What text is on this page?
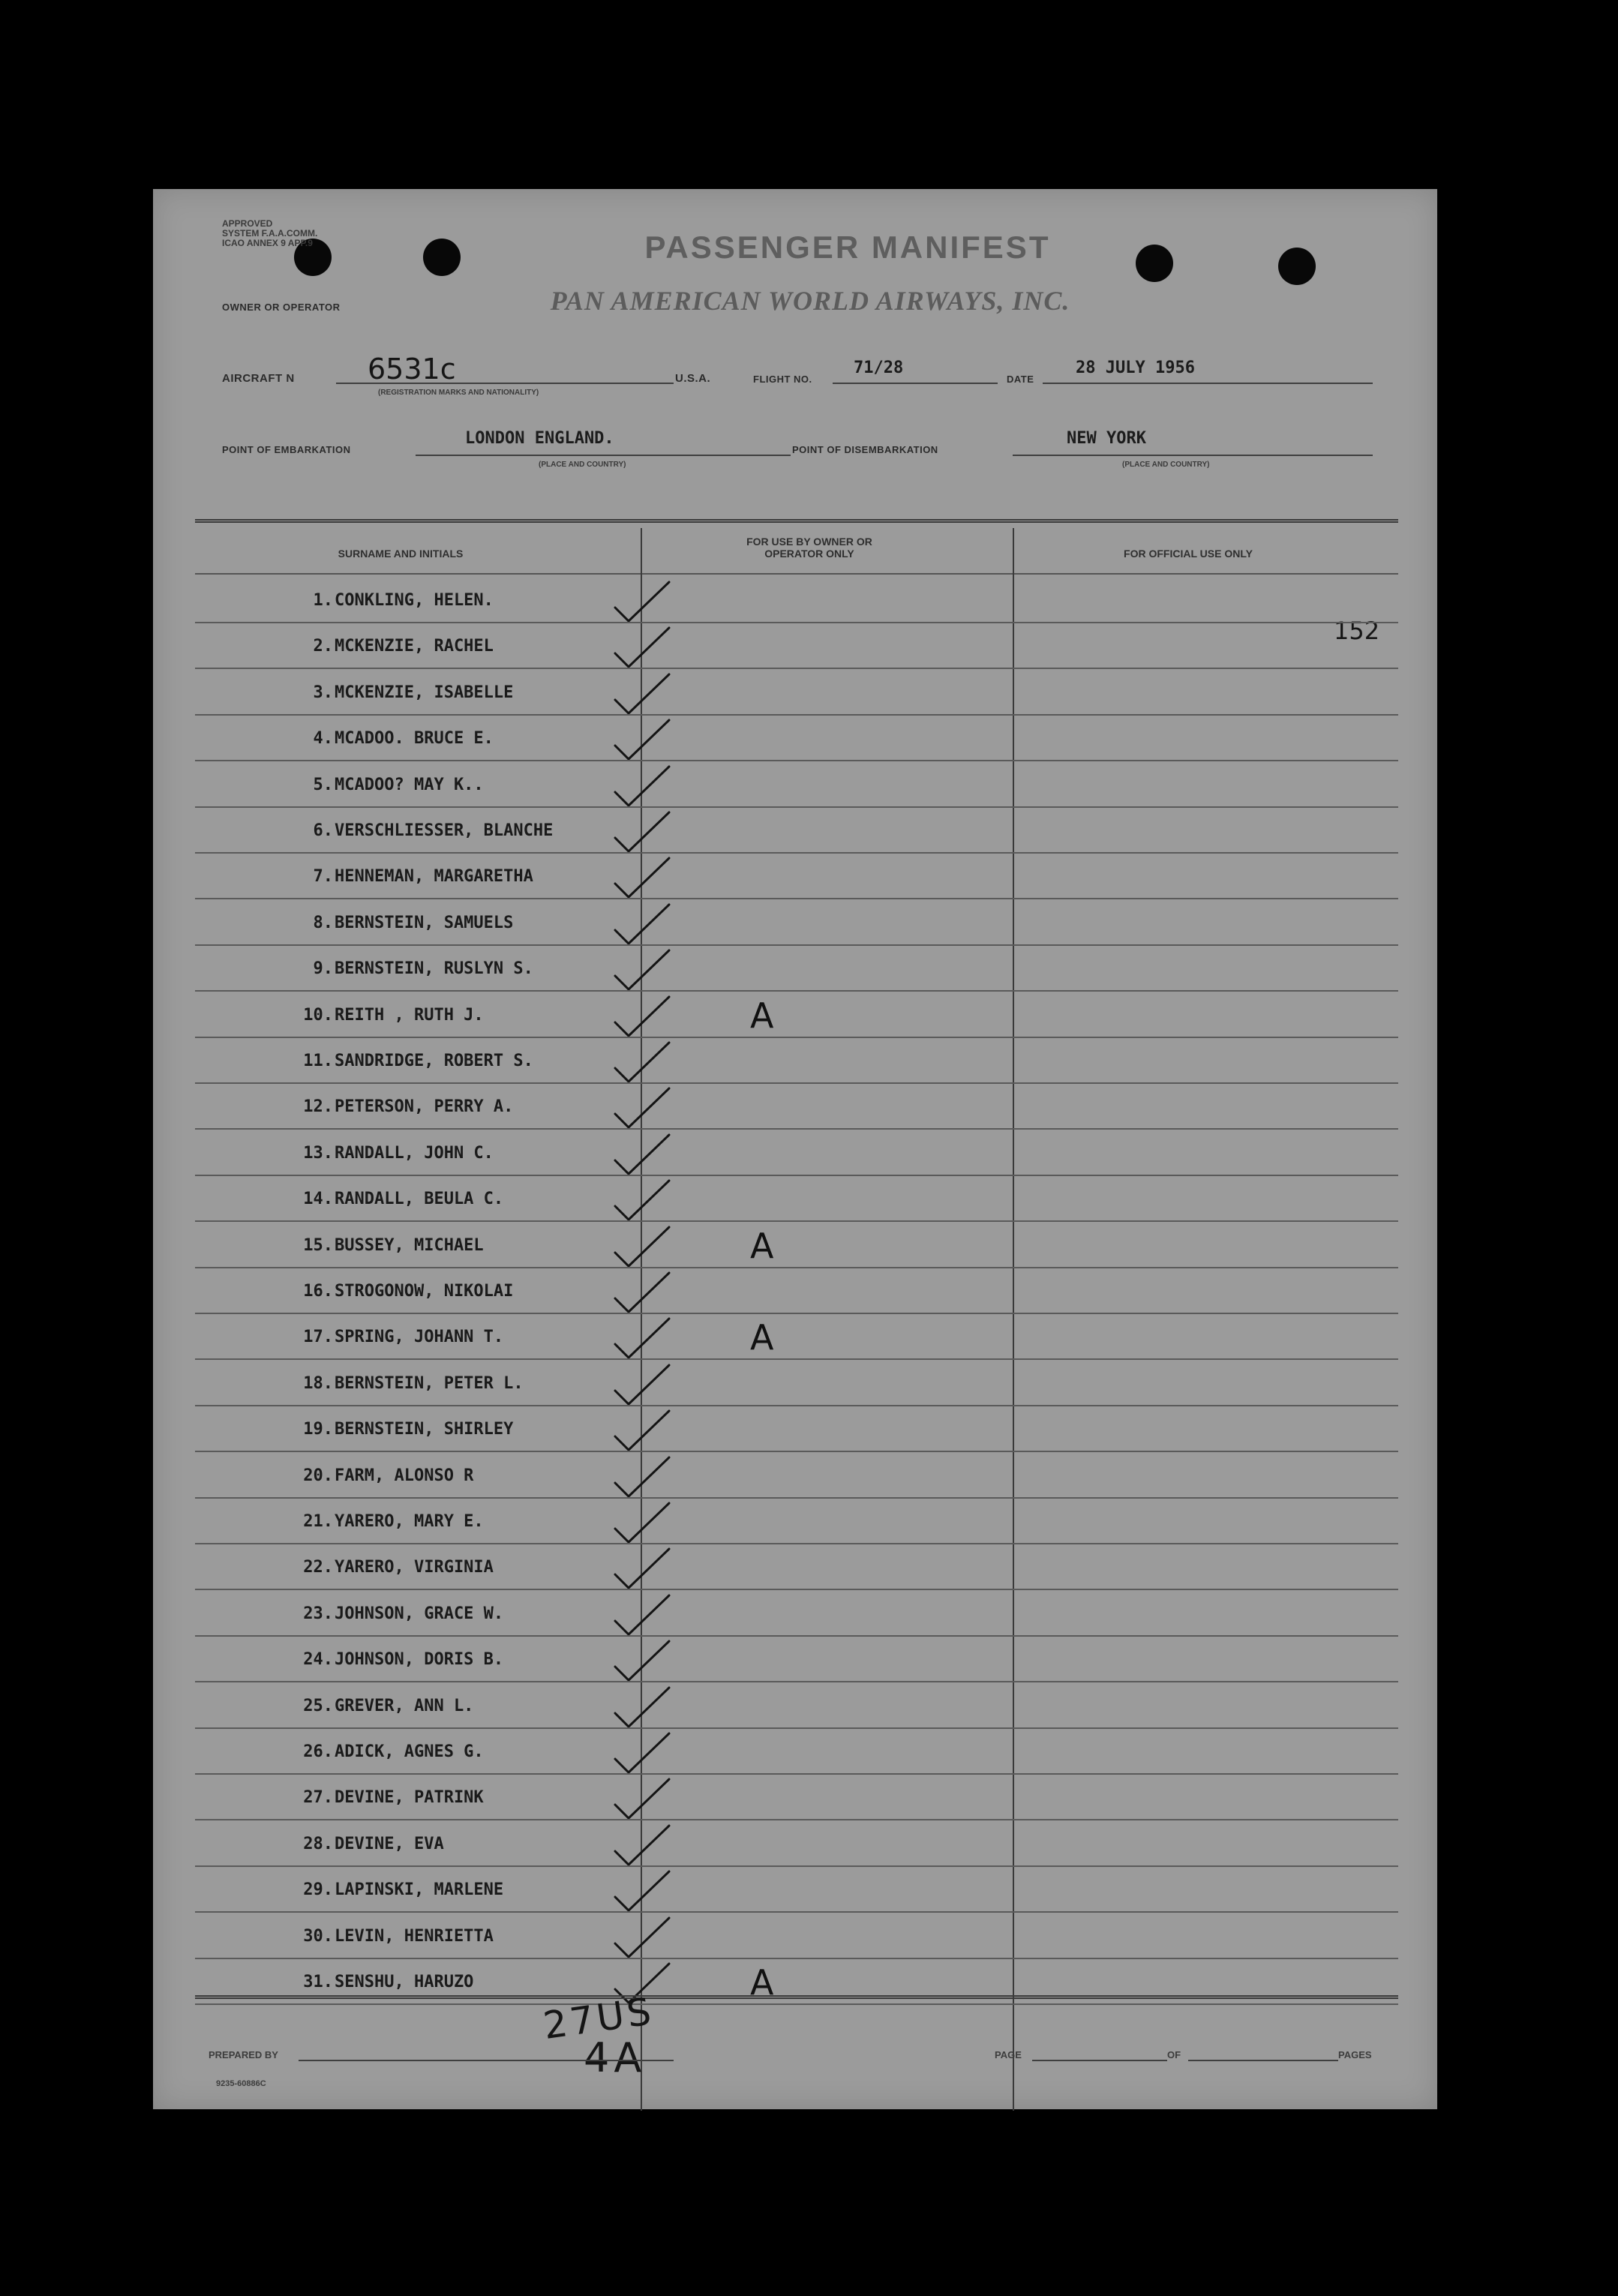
APPROVED
SYSTEM F.A.A.COMM.
ICAO ANNEX 9 APP.9	PASSENGER MANIFEST
OWNER OR OPERATOR	PAN AMERICAN WORLD AIRWAYS, INC.
AIRCRAFT N	6531c
(REGISTRATION MARKS AND NATIONALITY)
U.S.A.	FLIGHT NO.
71/28
DATE
28 JULY 1956
POINT OF EMBARKATION
LONDON ENGLAND.
(PLACE AND COUNTRY)
POINT OF DISEMBARKATION
NEW YORK
(PLACE AND COUNTRY)
SURNAME AND INITIALS
FOR USE BY OWNER OR OPERATOR ONLY	FOR OFFICIAL USE ONLY
152
1. CONKLING, HELEN.
2. MCKENZIE, RACHEL
3. MCKENZIE, ISABELLE
4. MCADOO. BRUCE E.
5. MCADOO? MAY K..
6. VERSCHLIESSER, BLANCHE
7. HENNEMAN, MARGARETHA
8. BERNSTEIN, SAMUELS
9. BERNSTEIN, RUSLYN S.
10. REITH , RUTH J.	A
11. SANDRIDGE, ROBERT S.
12. PETERSON, PERRY A.
13. RANDALL, JOHN C.
14. RANDALL, BEULA C.
15. BUSSEY, MICHAEL	A
16. STROGONOW, NIKOLAI
17. SPRING, JOHANN T.	A
18. BERNSTEIN, PETER L.
19. BERNSTEIN, SHIRLEY
20. FARM, ALONSO R
21. YARERO, MARY E.
22. YARERO, VIRGINIA
23. JOHNSON, GRACE W.
24. JOHNSON, DORIS B.
25. GREVER, ANN L.
26. ADICK, AGNES G.
27. DEVINE, PATRINK
28. DEVINE, EVA
29. LAPINSKI, MARLENE
30. LEVIN, HENRIETTA
31. SENSHU, HARUZO	A
27US
4A
PREPARED BY	PAGE	OF	PAGES
9235-60886C
